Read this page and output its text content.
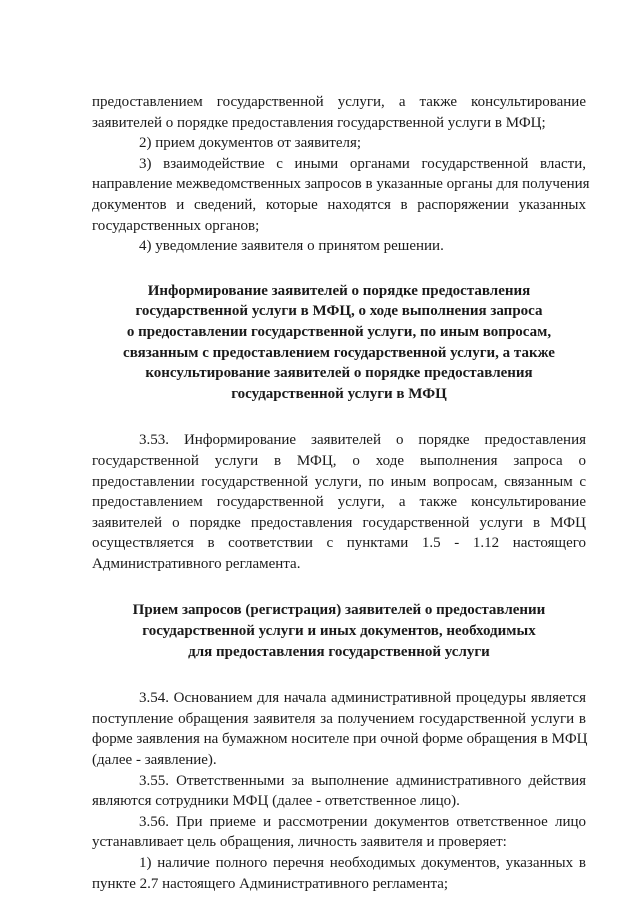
предоставлением государственной услуги, а также консультирование
заявителей о порядке предоставления государственной услуги в МФЦ;
2) прием документов от заявителя;
3) взаимодействие с иными органами государственной власти,
направление межведомственных запросов в указанные органы для получения
документов и сведений, которые находятся в распоряжении указанных
государственных органов;
4) уведомление заявителя о принятом решении.
Информирование заявителей о порядке предоставления
государственной услуги в МФЦ, о ходе выполнения запроса
о предоставлении государственной услуги, по иным вопросам,
связанным с предоставлением государственной услуги, а также
консультирование заявителей о порядке предоставления
государственной услуги в МФЦ
3.53. Информирование заявителей о порядке предоставления
государственной услуги в МФЦ, о ходе выполнения запроса о
предоставлении государственной услуги, по иным вопросам, связанным с
предоставлением государственной услуги, а также консультирование
заявителей о порядке предоставления государственной услуги в МФЦ
осуществляется в соответствии с пунктами 1.5 - 1.12 настоящего
Административного регламента.
Прием запросов (регистрация) заявителей о предоставлении
государственной услуги и иных документов, необходимых
для предоставления государственной услуги
3.54. Основанием для начала административной процедуры является
поступление обращения заявителя за получением государственной услуги в
форме заявления на бумажном носителе при очной форме обращения в МФЦ
(далее - заявление).
3.55. Ответственными за выполнение административного действия
являются сотрудники МФЦ (далее - ответственное лицо).
3.56. При приеме и рассмотрении документов ответственное лицо
устанавливает цель обращения, личность заявителя и проверяет:
1) наличие полного перечня необходимых документов, указанных в
пункте 2.7 настоящего Административного регламента;
